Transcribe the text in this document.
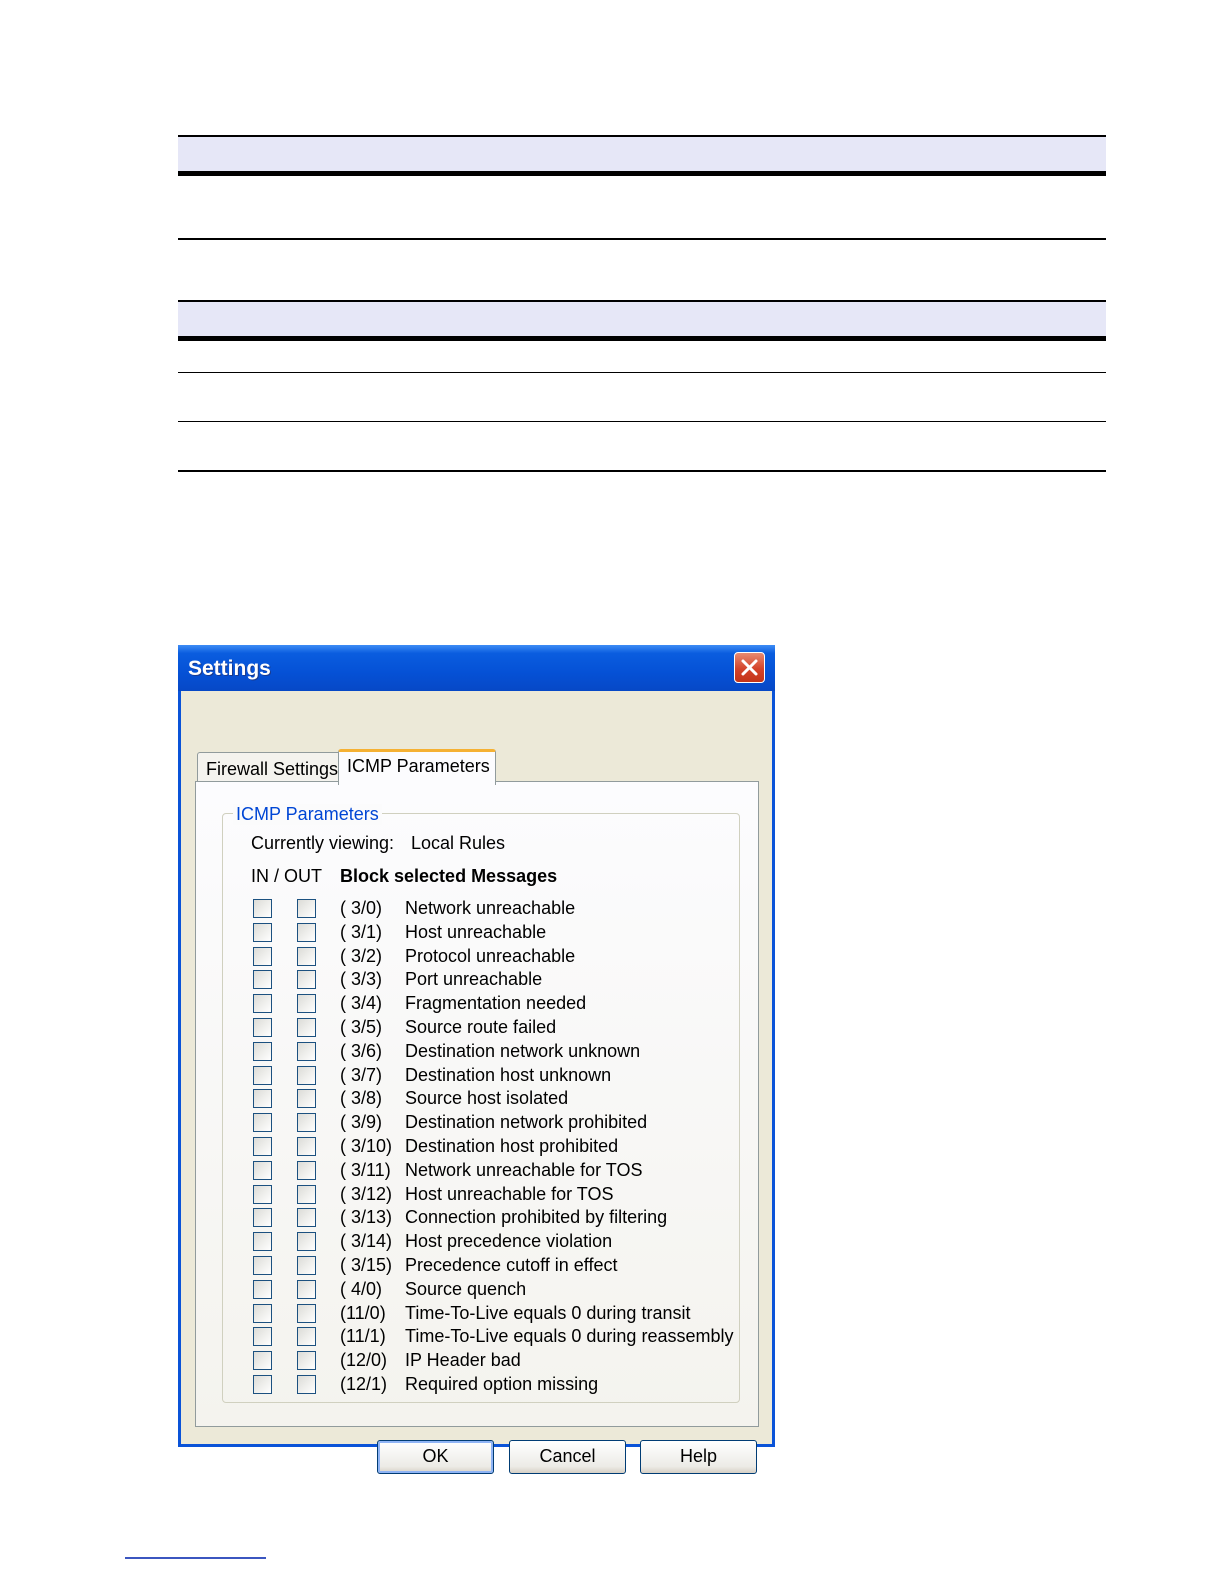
Settings
Firewall Settings ICMP Parameters
ICMP Parameters
Currently viewing: Local Rules
IN / OUT Block selected Messages
( 3/0) Network unreachable
( 3/1) Host unreachable
( 3/2) Protocol unreachable
( 3/3) Port unreachable
( 3/4) Fragmentation needed
( 3/5) Source route failed
( 3/6) Destination network unknown
( 3/7) Destination host unknown
( 3/8) Source host isolated
( 3/9) Destination network prohibited
( 3/10) Destination host prohibited
( 3/11) Network unreachable for TOS
( 3/12) Host unreachable for TOS
( 3/13) Connection prohibited by filtering
( 3/14) Host precedence violation
( 3/15) Precedence cutoff in effect
( 4/0) Source quench
(11/0) Time-To-Live equals 0 during transit
(11/1) Time-To-Live equals 0 during reassembly
(12/0) IP Header bad
(12/1) Required option missing
OK	Cancel	Help
